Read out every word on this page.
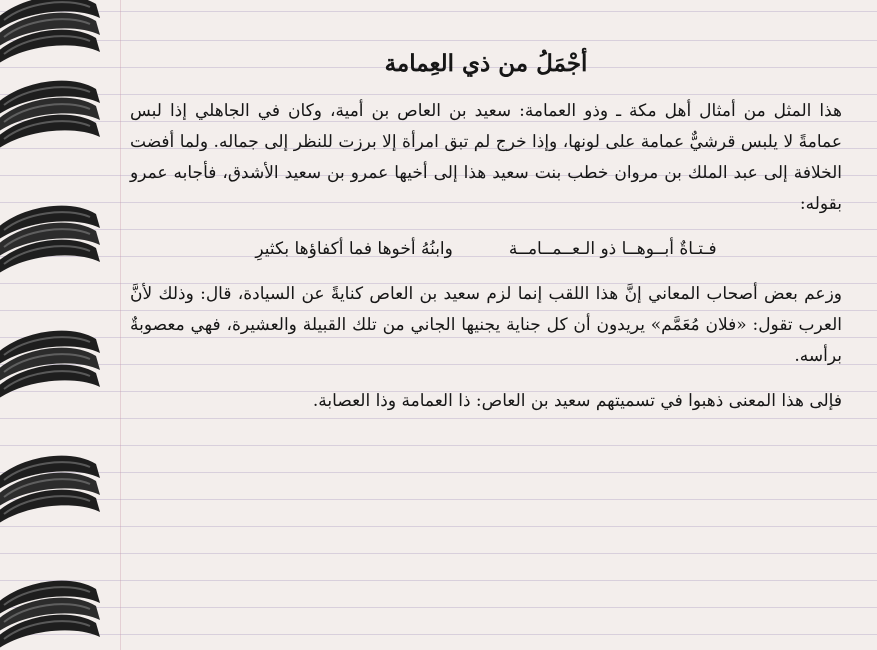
أجْمَلُ من ذي العِمامة

هذا المثل من أمثال أهل مكة ـ وذو العمامة: سعيد بن العاص بن أمية، وكان في الجاهلي إذا لبس عمامةً لا يلبس قرشيٌّ عمامة على لونها، وإذا خرج لم تبق امرأة إلا برزت للنظر إلى جماله. ولما أفضت الخلافة إلى عبد الملك بن مروان خطب بنت سعيد هذا إلى أخيها عمرو بن سعيد الأشدق، فأجابه عمرو بقوله:

فـتـاةٌ أبــوهــا ذو الـعــمــامــة
وابنُهُ أخوها فما أكفاؤها بكثيرِ

وزعم بعض أصحاب المعاني إنَّ هذا اللقب إنما لزم سعيد بن العاص كنايةً عن السيادة، قال: وذلك لأنَّ العرب تقول: «فلان مُعَمَّم» يريدون أن كل جناية يجنيها الجاني من تلك القبيلة والعشيرة، فهي معصوبةٌ برأسه.

فإلى هذا المعنى ذهبوا في تسميتهم سعيد بن العاص: ذا العمامة وذا العصابة.
